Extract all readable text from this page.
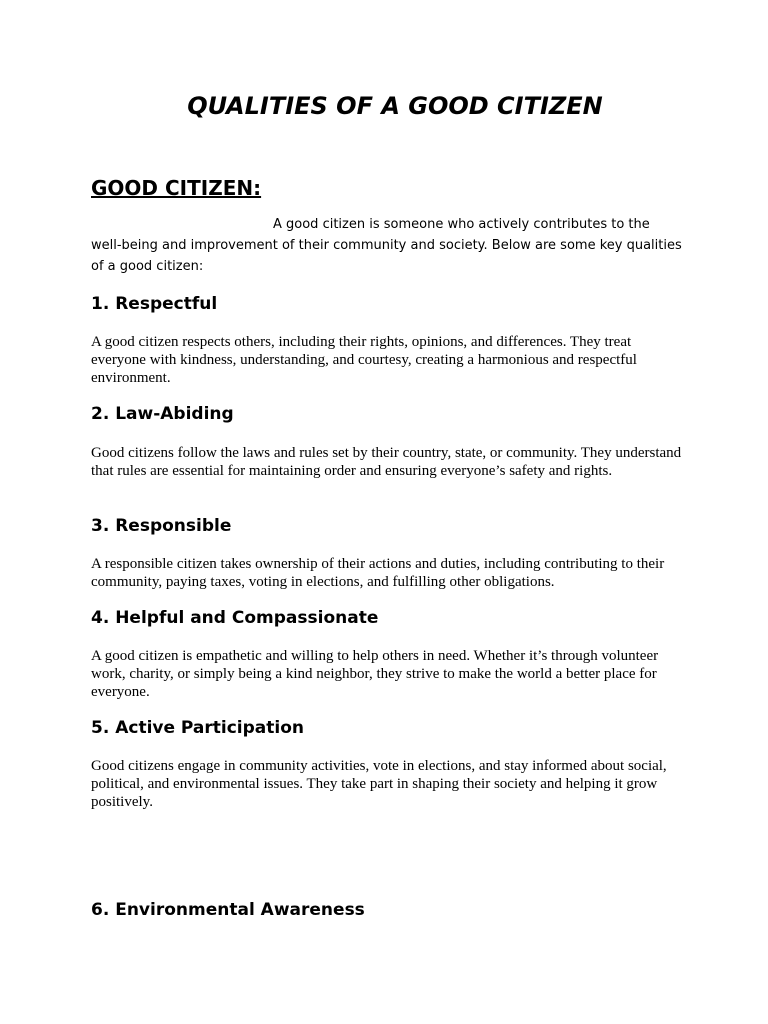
QUALITIES OF A GOOD CITIZEN
GOOD CITIZEN:

A good citizen is someone who actively contributes to the well-being and improvement of their community and society. Below are some key qualities of a good citizen:

1. Respectful

A good citizen respects others, including their rights, opinions, and differences. They treat everyone with kindness, understanding, and courtesy, creating a harmonious and respectful environment.

2. Law-Abiding

Good citizens follow the laws and rules set by their country, state, or community. They understand that rules are essential for maintaining order and ensuring everyone’s safety and rights.

3. Responsible

A responsible citizen takes ownership of their actions and duties, including contributing to their community, paying taxes, voting in elections, and fulfilling other obligations.

4. Helpful and Compassionate

A good citizen is empathetic and willing to help others in need. Whether it’s through volunteer work, charity, or simply being a kind neighbor, they strive to make the world a better place for everyone.

5. Active Participation

Good citizens engage in community activities, vote in elections, and stay informed about social, political, and environmental issues. They take part in shaping their society and helping it grow positively.

6. Environmental Awareness
